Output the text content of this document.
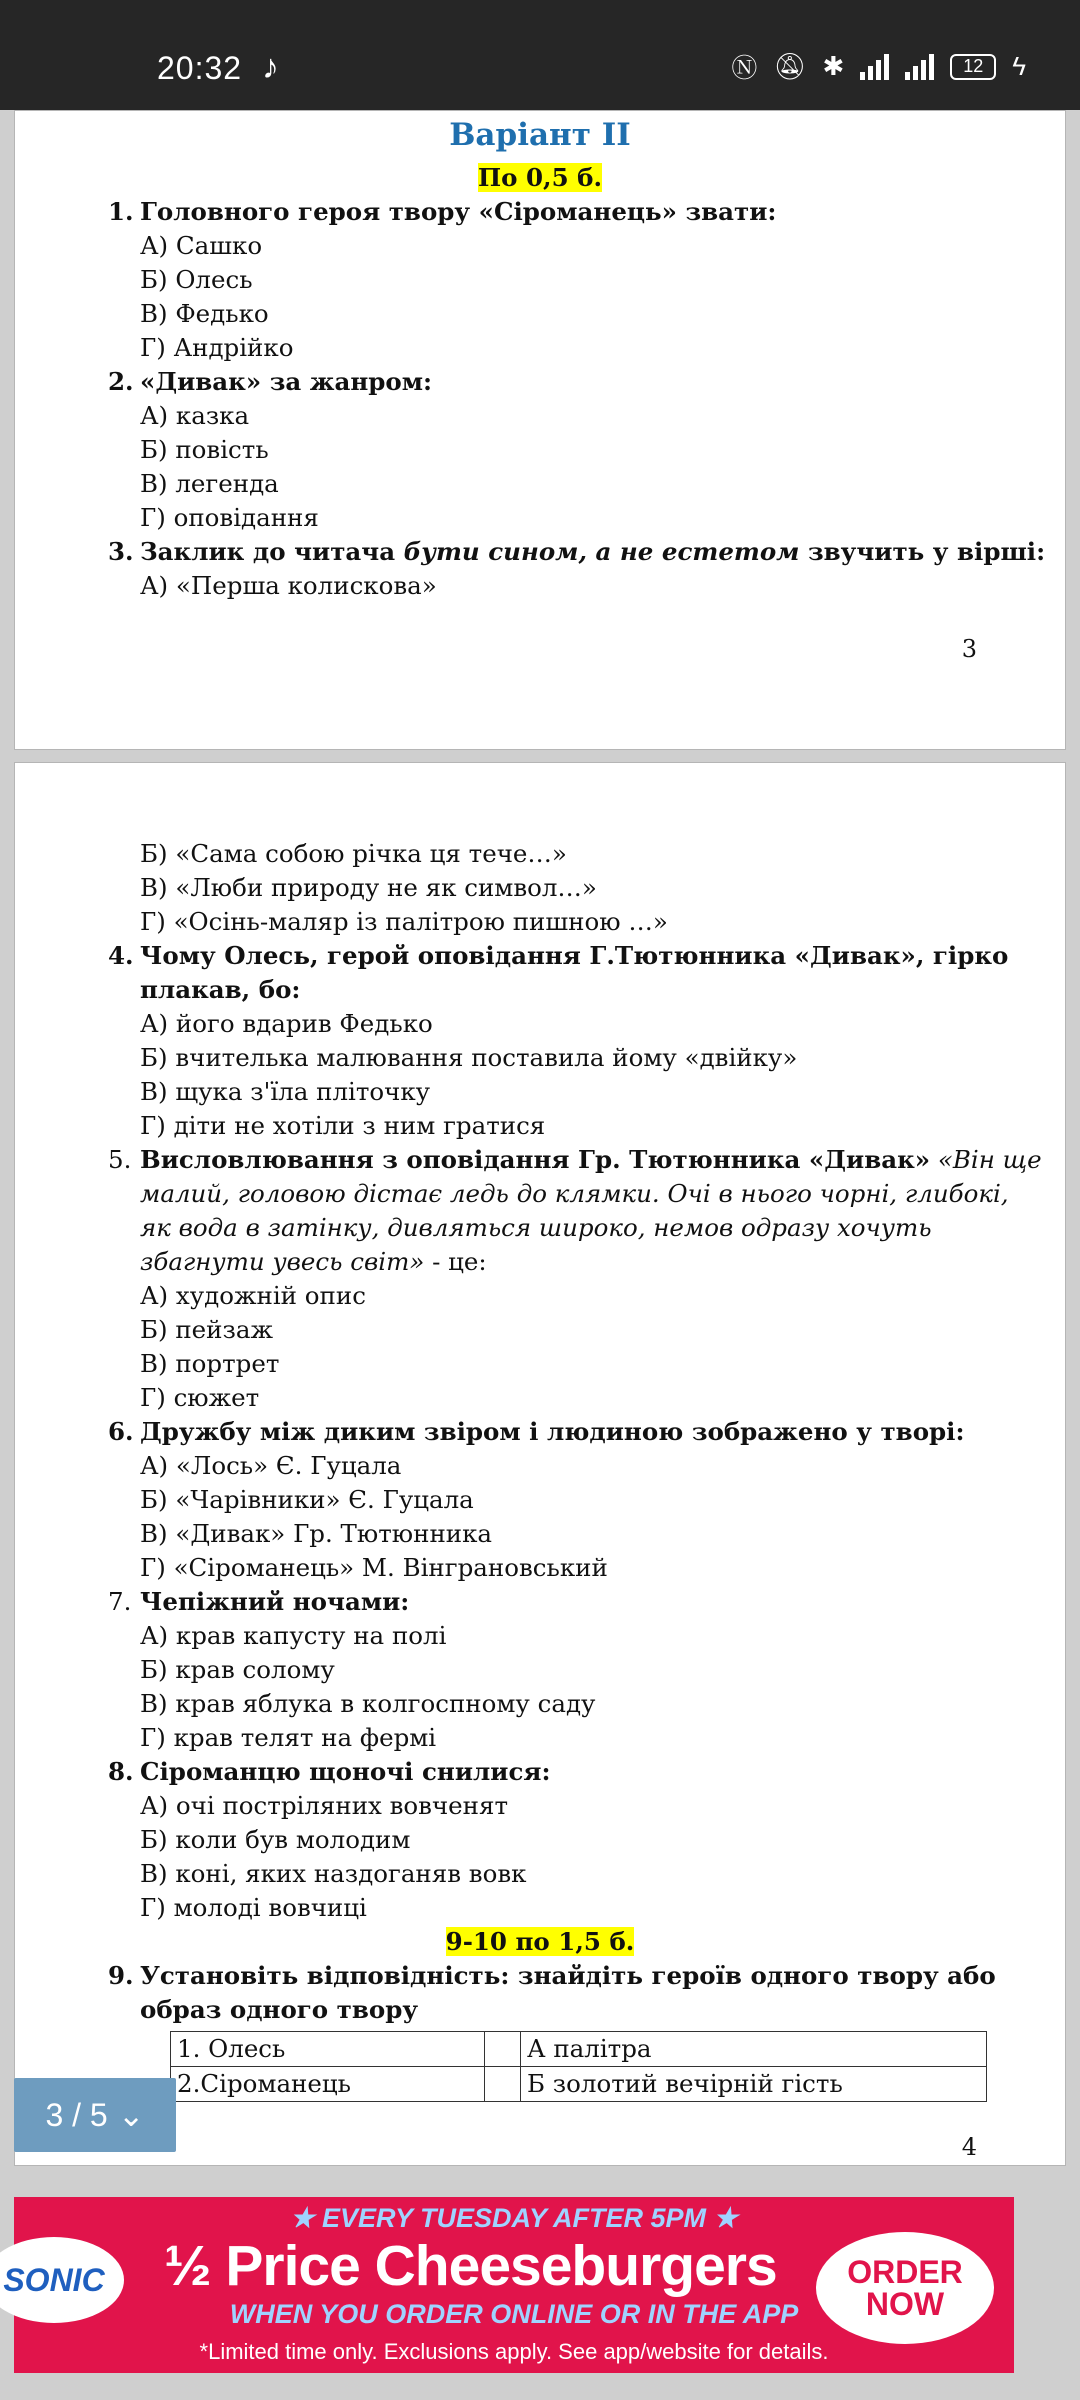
20:32 ♪	Ⓝ 🔕︎ ✱	12	ϟ
Варіант II
По 0,5 б.
1. Головного героя твору «Сіроманець» звати:
А) Сашко
Б) Олесь
В) Федько
Г) Андрійко
2. «Дивак» за жанром:
А) казка
Б) повість
В) легенда
Г) оповідання
3. Заклик до читача бути сином, а не естетом звучить у вірші:
А) «Перша колискова»
3
Б) «Сама собою річка ця тече…»
В) «Люби природу не як символ…»
Г) «Осінь-маляр із палітрою пишною …»
4. Чому Олесь, герой оповідання Г.Тютюнника «Дивак», гірко
плакав, бо:
А) його вдарив Федько
Б) вчителька малювання поставила йому «двійку»
В) щука з'їла пліточку
Г) діти не хотіли з ним гратися
5. Висловлювання з оповідання Гр. Тютюнника «Дивак» «Він ще
малий, головою дістає ледь до клямки. Очі в нього чорні, глибокі,
як вода в затінку, дивляться широко, немов одразу хочуть
збагнути увесь світ» - це:
А) художній опис
Б) пейзаж
В) портрет
Г) сюжет
6. Дружбу між диким звіром і людиною зображено у творі:
А) «Лось» Є. Гуцала
Б) «Чарівники» Є. Гуцала
В) «Дивак» Гр. Тютюнника
Г) «Сіроманець» М. Вінграновський
7. Чепіжний ночами:
А) крав капусту на полі
Б) крав солому
В) крав яблука в колгоспному саду
Г) крав телят на фермі
8. Сіроманцю щоночі снилися:
А) очі постріляних вовченят
Б) коли був молодим
В) коні, яких наздоганяв вовк
Г) молоді вовчиці
9-10 по 1,5 б.
9. Установіть відповідність: знайдіть героїв одного твору або
образ одного твору
1. Олесь		А палітра
2.Сіроманець		Б золотий вечірній гість
4
3 / 5 ⌄
SONIC
★ EVERY TUESDAY AFTER 5PM ★
½ Price Cheeseburgers
WHEN YOU ORDER ONLINE OR IN THE APP
*Limited time only. Exclusions apply. See app/website for details.
ORDER NOW
